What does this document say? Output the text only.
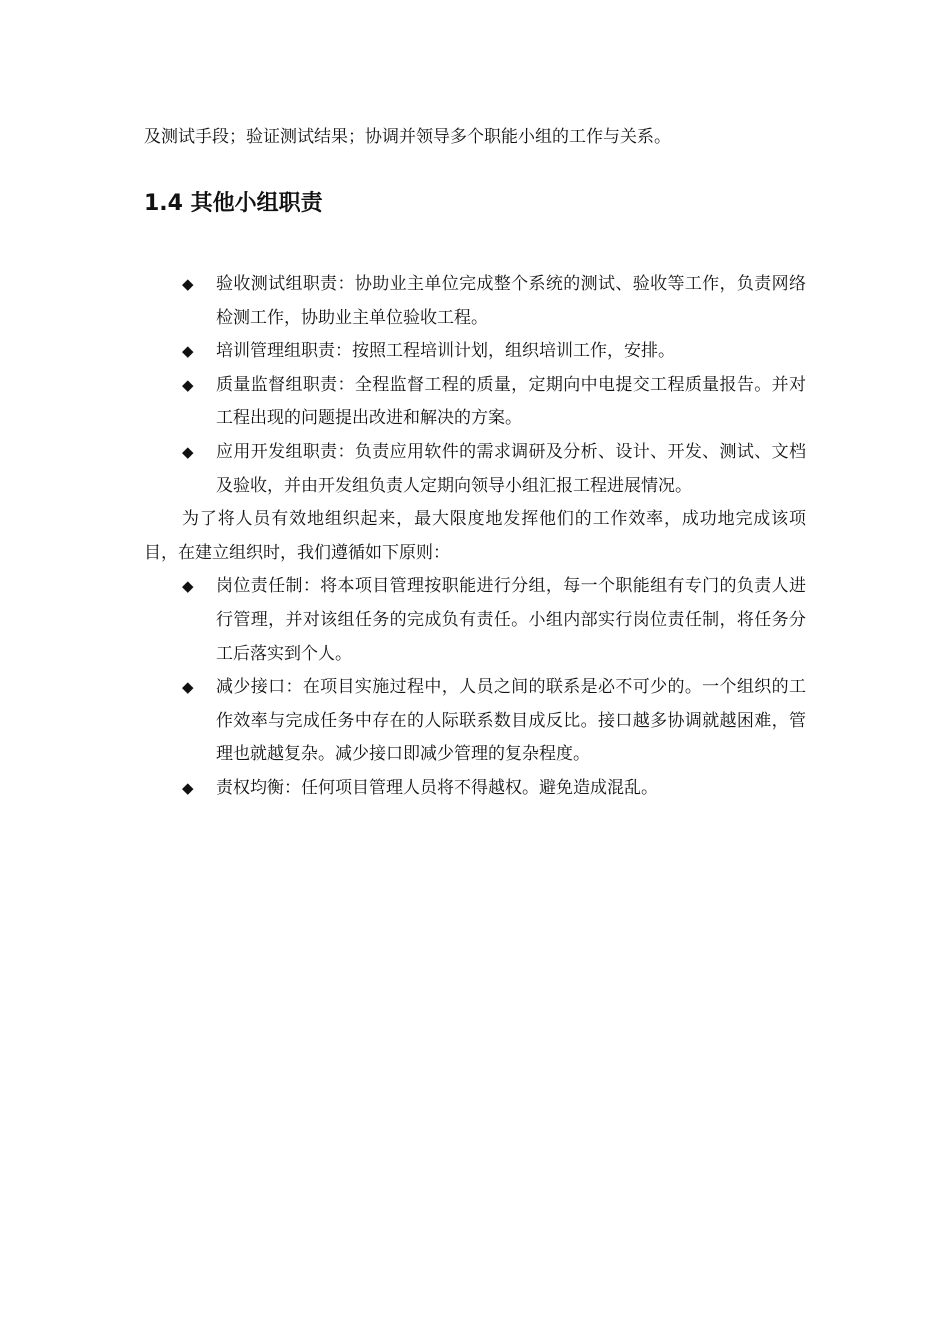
及测试手段；验证测试结果；协调并领导多个职能小组的工作与关系。

1.4 其他小组职责
◆ 验收测试组职责：协助业主单位完成整个系统的测试、验收等工作，负责网络检测工作，协助业主单位验收工程。
◆ 培训管理组职责：按照工程培训计划，组织培训工作，安排。
◆ 质量监督组职责：全程监督工程的质量，定期向中电提交工程质量报告。并对工程出现的问题提出改进和解决的方案。
◆ 应用开发组职责：负责应用软件的需求调研及分析、设计、开发、测试、文档及验收，并由开发组负责人定期向领导小组汇报工程进展情况。

为了将人员有效地组织起来，最大限度地发挥他们的工作效率，成功地完成该项目，在建立组织时，我们遵循如下原则：

◆ 岗位责任制：将本项目管理按职能进行分组，每一个职能组有专门的负责人进行管理，并对该组任务的完成负有责任。小组内部实行岗位责任制，将任务分工后落实到个人。
◆ 减少接口：在项目实施过程中，人员之间的联系是必不可少的。一个组织的工作效率与完成任务中存在的人际联系数目成反比。接口越多协调就越困难，管理也就越复杂。减少接口即减少管理的复杂程度。
◆ 责权均衡：任何项目管理人员将不得越权。避免造成混乱。
